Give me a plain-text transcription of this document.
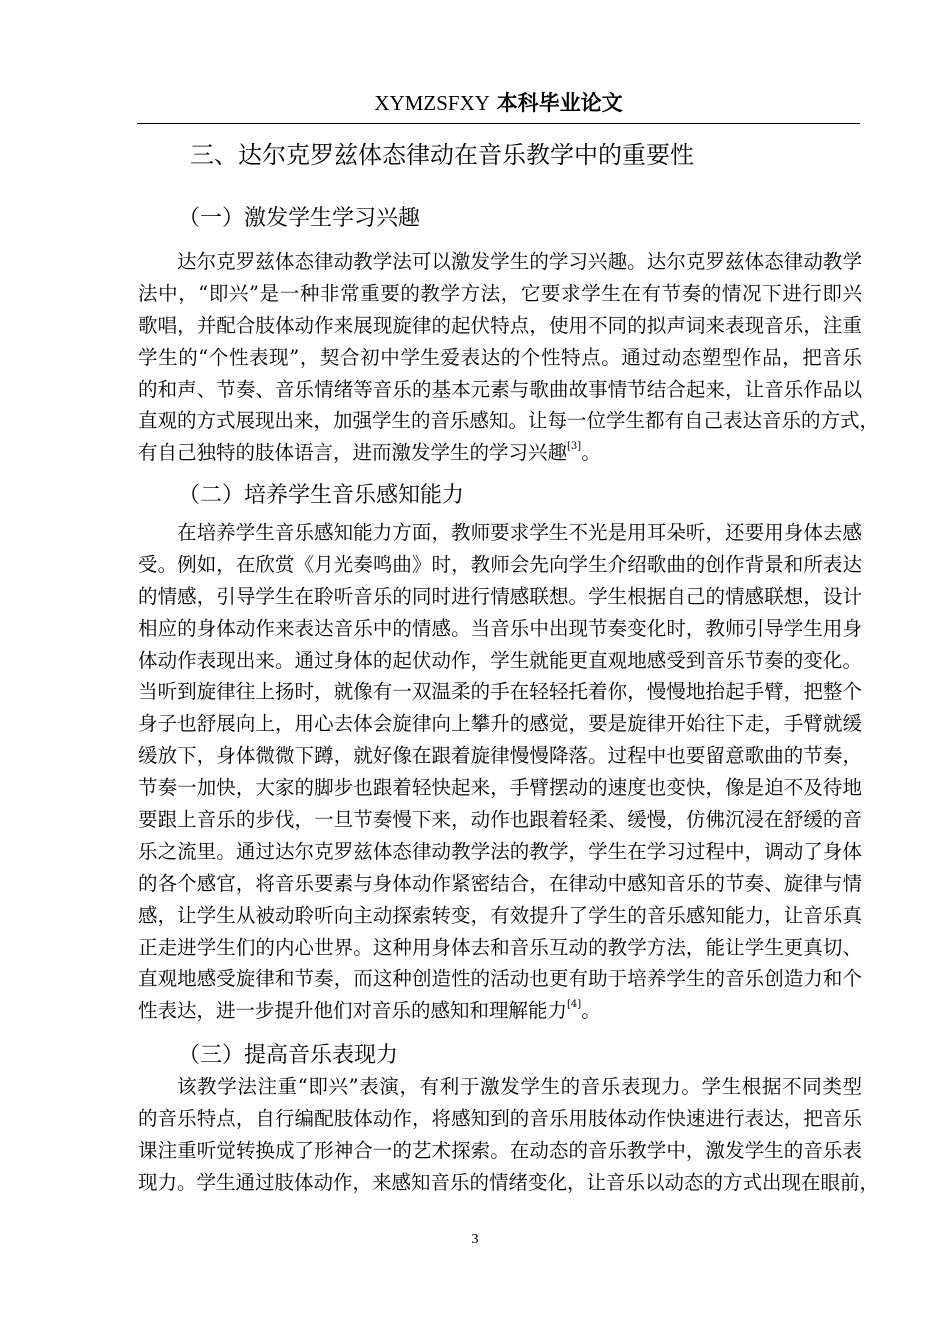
XYMZSFXY 本科毕业论文
三、达尔克罗兹体态律动在音乐教学中的重要性
（一）激发学生学习兴趣
达尔克罗兹体态律动教学法可以激发学生的学习兴趣。达尔克罗兹体态律动教学
法中，“即兴”是一种非常重要的教学方法，它要求学生在有节奏的情况下进行即兴
歌唱，并配合肢体动作来展现旋律的起伏特点，使用不同的拟声词来表现音乐，注重
学生的“个性表现”，契合初中学生爱表达的个性特点。通过动态塑型作品，把音乐
的和声、节奏、音乐情绪等音乐的基本元素与歌曲故事情节结合起来，让音乐作品以
直观的方式展现出来，加强学生的音乐感知。让每一位学生都有自己表达音乐的方式，
有自己独特的肢体语言，进而激发学生的学习兴趣[3]。
（二）培养学生音乐感知能力
在培养学生音乐感知能力方面，教师要求学生不光是用耳朵听，还要用身体去感
受。例如，在欣赏《月光奏鸣曲》时，教师会先向学生介绍歌曲的创作背景和所表达
的情感，引导学生在聆听音乐的同时进行情感联想。学生根据自己的情感联想，设计
相应的身体动作来表达音乐中的情感。当音乐中出现节奏变化时，教师引导学生用身
体动作表现出来。通过身体的起伏动作，学生就能更直观地感受到音乐节奏的变化。
当听到旋律往上扬时，就像有一双温柔的手在轻轻托着你，慢慢地抬起手臂，把整个
身子也舒展向上，用心去体会旋律向上攀升的感觉，要是旋律开始往下走，手臂就缓
缓放下，身体微微下蹲，就好像在跟着旋律慢慢降落。过程中也要留意歌曲的节奏，
节奏一加快，大家的脚步也跟着轻快起来，手臂摆动的速度也变快，像是迫不及待地
要跟上音乐的步伐，一旦节奏慢下来，动作也跟着轻柔、缓慢，仿佛沉浸在舒缓的音
乐之流里。通过达尔克罗兹体态律动教学法的教学，学生在学习过程中，调动了身体
的各个感官，将音乐要素与身体动作紧密结合，在律动中感知音乐的节奏、旋律与情
感，让学生从被动聆听向主动探索转变，有效提升了学生的音乐感知能力，让音乐真
正走进学生们的内心世界。这种用身体去和音乐互动的教学方法，能让学生更真切、
直观地感受旋律和节奏，而这种创造性的活动也更有助于培养学生的音乐创造力和个
性表达，进一步提升他们对音乐的感知和理解能力[4]。
（三）提高音乐表现力
该教学法注重“即兴”表演，有利于激发学生的音乐表现力。学生根据不同类型
的音乐特点，自行编配肢体动作，将感知到的音乐用肢体动作快速进行表达，把音乐
课注重听觉转换成了形神合一的艺术探索。在动态的音乐教学中，激发学生的音乐表
现力。学生通过肢体动作，来感知音乐的情绪变化，让音乐以动态的方式出现在眼前，
3
